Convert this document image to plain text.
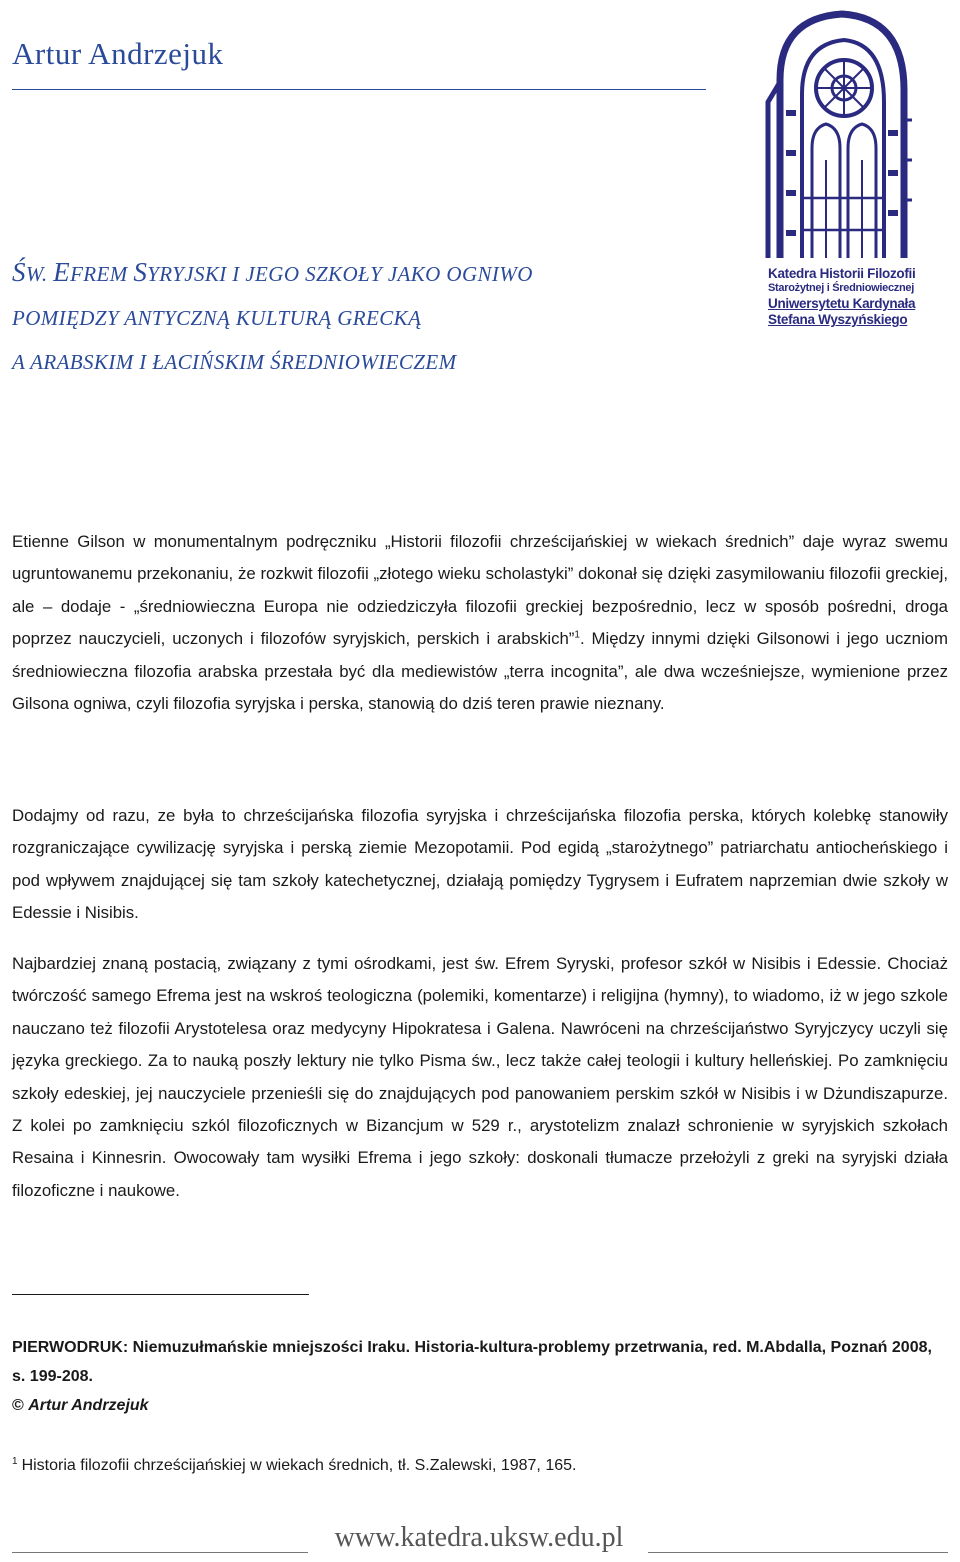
Artur Andrzejuk
Katedra Historii Filozofii
Starożytnej i Średniowiecznej
Uniwersytetu Kardynała
Stefana Wyszyńskiego
ŚW. EFREM SYRYJSKI I JEGO SZKOŁY JAKO OGNIWO
POMIĘDZY ANTYCZNĄ KULTURĄ GRECKĄ
A ARABSKIM I ŁACIŃSKIM ŚREDNIOWIECZEM
Etienne Gilson w monumentalnym podręczniku „Historii filozofii chrześcijańskiej w wiekach średnich” daje wyraz swemu ugruntowanemu przekonaniu, że rozkwit filozofii „złotego wieku scholastyki” dokonał się dzięki zasymilowaniu filozofii greckiej, ale – dodaje - „średniowieczna Europa nie odziedziczyła filozofii greckiej bezpośrednio, lecz w sposób pośredni, droga poprzez nauczycieli, uczonych i filozofów syryjskich, perskich i arabskich”$^1$. Między innymi dzięki Gilsonowi i jego uczniom średniowieczna filozofia arabska przestała być dla mediewistów „terra incognita”, ale dwa wcześniejsze, wymienione przez Gilsona ogniwa, czyli filozofia syryjska i perska, stanowią do dziś teren prawie nieznany.
Dodajmy od razu, ze była to chrześcijańska filozofia syryjska i chrześcijańska filozofia perska, których kolebkę stanowiły rozgraniczające cywilizację syryjska i perską ziemie Mezopotamii. Pod egidą „starożytnego” patriarchatu antiocheńskiego i pod wpływem znajdującej się tam szkoły katechetycznej, działają pomiędzy Tygrysem i Eufratem naprzemian dwie szkoły w Edessie i Nisibis.
Najbardziej znaną postacią, związany z tymi ośrodkami, jest św. Efrem Syryski, profesor szkół w Nisibis i Edessie. Chociaż twórczość samego Efrema jest na wskroś teologiczna (polemiki, komentarze) i religijna (hymny), to wiadomo, iż w jego szkole nauczano też filozofii Arystotelesa oraz medycyny Hipokratesa i Galena. Nawróceni na chrześcijaństwo Syryjczycy uczyli się języka greckiego. Za to nauką poszły lektury nie tylko Pisma św., lecz także całej teologii i kultury helleńskiej. Po zamknięciu szkoły edeskiej, jej nauczyciele przenieśli się do znajdujących pod panowaniem perskim szkół w Nisibis i w Dżundiszapurze. Z kolei po zamknięciu szkól filozoficznych w Bizancjum w 529 r., arystotelizm znalazł schronienie w syryjskich szkołach Resaina i Kinnesrin. Owocowały tam wysiłki Efrema i jego szkoły: doskonali tłumacze przełożyli z greki na syryjski działa filozoficzne i naukowe.
PIERWODRUK: Niemuzułmańskie mniejszości Iraku. Historia-kultura-problemy przetrwania, red. M.Abdalla, Poznań 2008, s. 199-208.
© Artur Andrzejuk
$^1$ Historia filozofii chrześcijańskiej w wiekach średnich, tł. S.Zalewski, 1987, 165.
www.katedra.uksw.edu.pl
